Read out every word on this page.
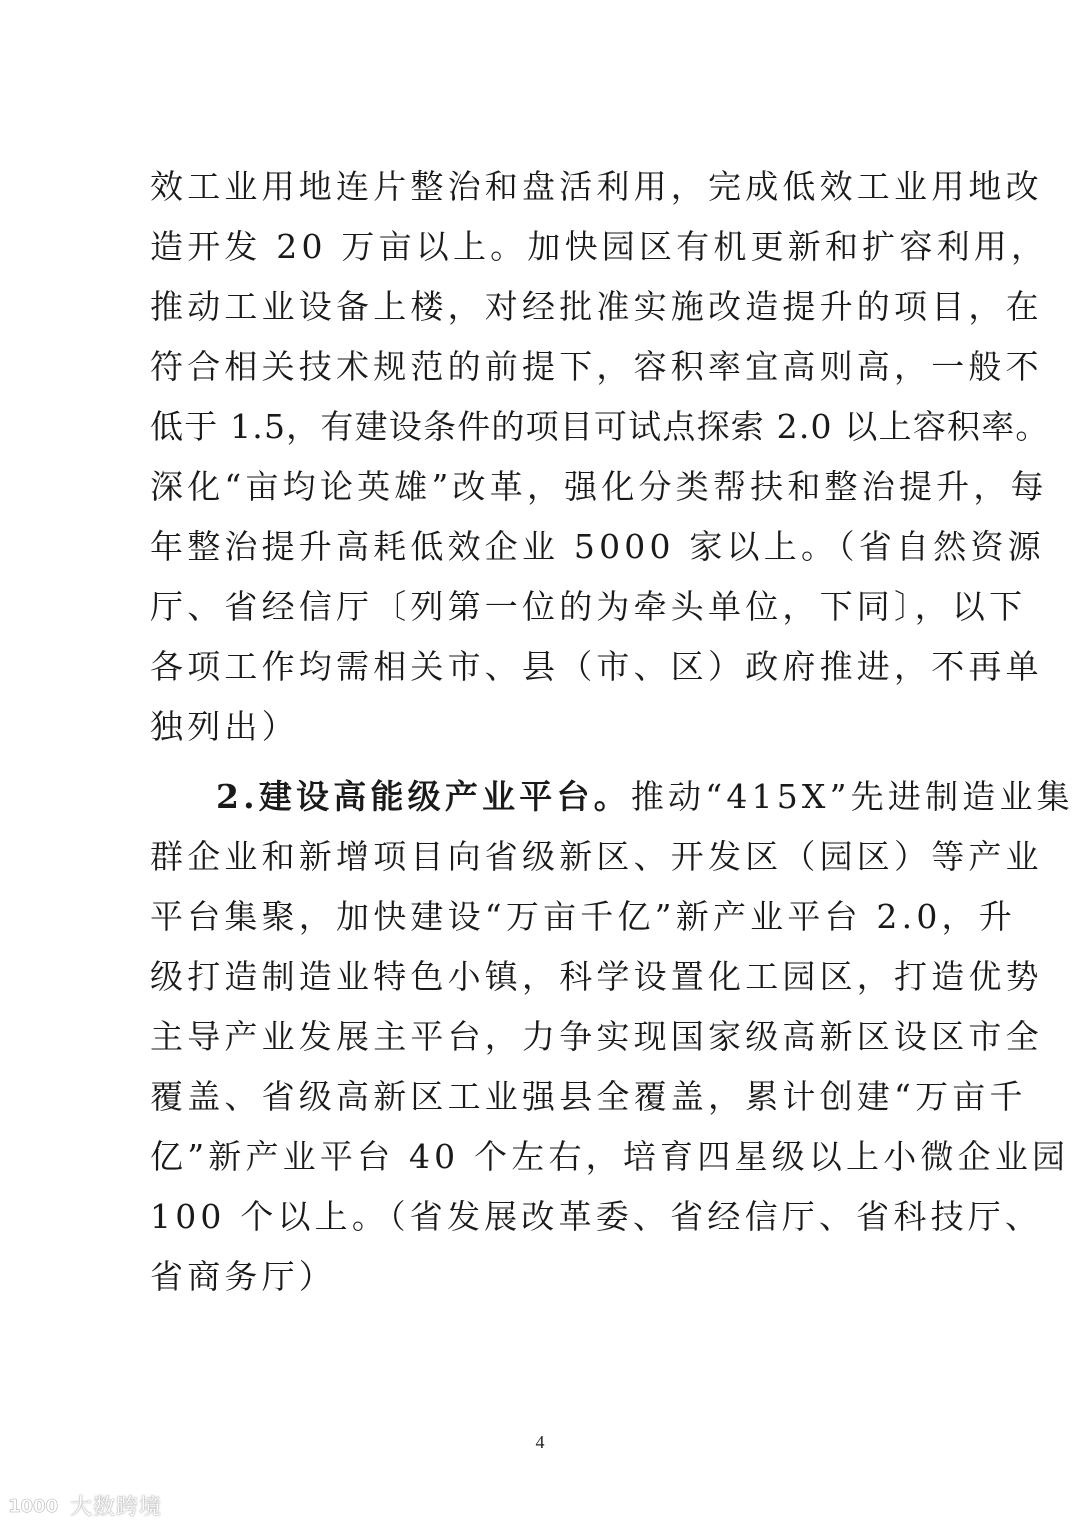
效工业用地连片整治和盘活利用，完成低效工业用地改
造开发 20 万亩以上。加快园区有机更新和扩容利用，
推动工业设备上楼，对经批准实施改造提升的项目，在
符合相关技术规范的前提下，容积率宜高则高，一般不
低于 1.5，有建设条件的项目可试点探索 2.0 以上容积率。
深化“亩均论英雄”改革，强化分类帮扶和整治提升，每
年整治提升高耗低效企业 5000 家以上。（省自然资源
厅、省经信厅〔列第一位的为牵头单位，下同〕，以下
各项工作均需相关市、县（市、区）政府推进，不再单
独列出）
2.建设高能级产业平台。推动“415X”先进制造业集
群企业和新增项目向省级新区、开发区（园区）等产业
平台集聚，加快建设“万亩千亿”新产业平台 2.0，升
级打造制造业特色小镇，科学设置化工园区，打造优势
主导产业发展主平台，力争实现国家级高新区设区市全
覆盖、省级高新区工业强县全覆盖，累计创建“万亩千
亿”新产业平台 40 个左右，培育四星级以上小微企业园
100 个以上。（省发展改革委、省经信厅、省科技厅、
省商务厅）
4
1000 大数跨境
